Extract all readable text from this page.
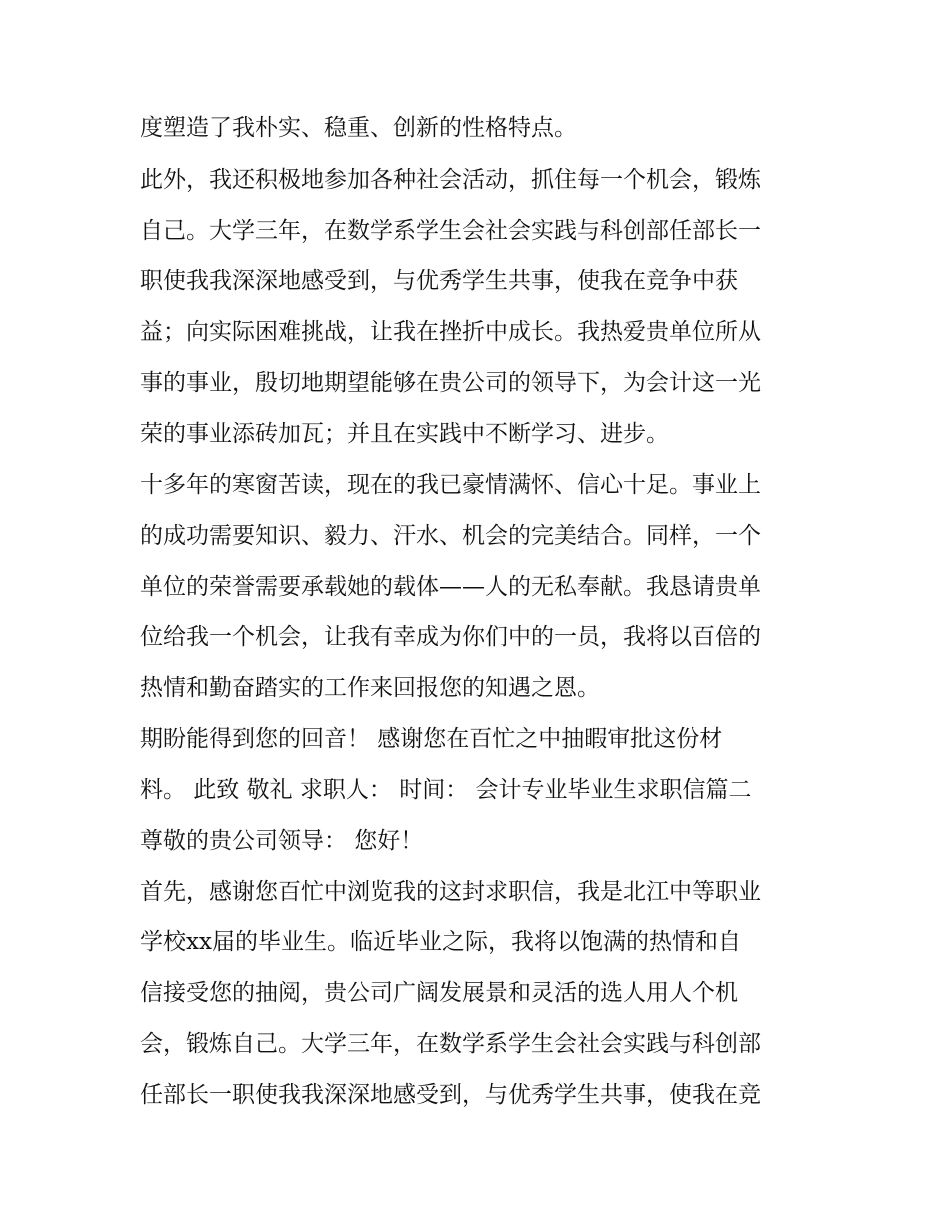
度塑造了我朴实、稳重、创新的性格特点。
此外，我还积极地参加各种社会活动，抓住每一个机会，锻炼
自己。大学三年，在数学系学生会社会实践与科创部任部长一
职使我我深深地感受到，与优秀学生共事，使我在竞争中获
益；向实际困难挑战，让我在挫折中成长。我热爱贵单位所从
事的事业，殷切地期望能够在贵公司的领导下，为会计这一光
荣的事业添砖加瓦；并且在实践中不断学习、进步。
十多年的寒窗苦读，现在的我已豪情满怀、信心十足。事业上
的成功需要知识、毅力、汗水、机会的完美结合。同样，一个
单位的荣誉需要承载她的载体——人的无私奉献。我恳请贵单
位给我一个机会，让我有幸成为你们中的一员，我将以百倍的
热情和勤奋踏实的工作来回报您的知遇之恩。
期盼能得到您的回音！ 感谢您在百忙之中抽暇审批这份材
料。 此致 敬礼 求职人： 时间： 会计专业毕业生求职信篇二
尊敬的贵公司领导： 您好！
首先，感谢您百忙中浏览我的这封求职信，我是北江中等职业
学校xx届的毕业生。临近毕业之际，我将以饱满的热情和自
信接受您的抽阅，贵公司广阔发展景和灵活的选人用人个机
会，锻炼自己。大学三年，在数学系学生会社会实践与科创部
任部长一职使我我深深地感受到，与优秀学生共事，使我在竞
